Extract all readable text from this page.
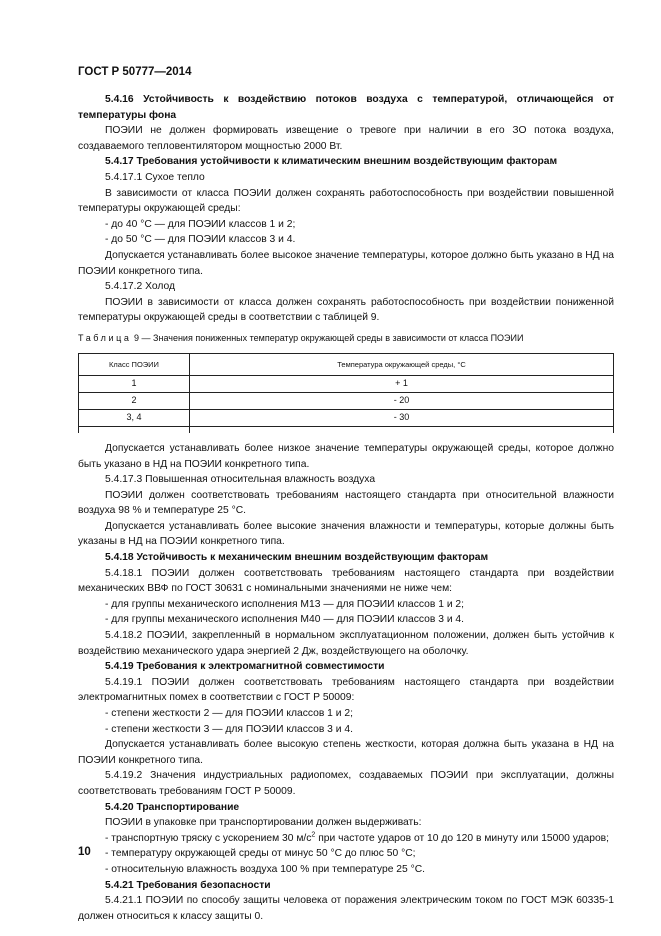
ГОСТ Р 50777—2014

5.4.16 Устойчивость к воздействию потоков воздуха с температурой, отличающейся от температуры фона

ПОЭИИ не должен формировать извещение о тревоге при наличии в его ЗО потока воздуха, создаваемого тепловентилятором мощностью 2000 Вт.

5.4.17 Требования устойчивости к климатическим внешним воздействующим факторам

5.4.17.1 Сухое тепло

В зависимости от класса ПОЭИИ должен сохранять работоспособность при воздействии повышенной температуры окружающей среды:

- до 40 °С — для ПОЭИИ классов 1 и 2;

- до 50 °С — для ПОЭИИ классов 3 и 4.

Допускается устанавливать более высокое значение температуры, которое должно быть указано в НД на ПОЭИИ конкретного типа.

5.4.17.2 Холод

ПОЭИИ в зависимости от класса должен сохранять работоспособность при воздействии пониженной температуры окружающей среды в соответствии с таблицей 9.

Таблица 9 — Значения пониженных температур окружающей среды в зависимости от класса ПОЭИИ
Класс ПОЭИИ	Температура окружающей среды, °С
1	+ 1
2	- 20
3, 4	- 30

Допускается устанавливать более низкое значение температуры окружающей среды, которое должно быть указано в НД на ПОЭИИ конкретного типа.

5.4.17.3 Повышенная относительная влажность воздуха

ПОЭИИ должен соответствовать требованиям настоящего стандарта при относительной влажности воздуха 98 % и температуре 25 °С.

Допускается устанавливать более высокие значения влажности и температуры, которые должны быть указаны в НД на ПОЭИИ конкретного типа.

5.4.18 Устойчивость к механическим внешним воздействующим факторам

5.4.18.1 ПОЭИИ должен соответствовать требованиям настоящего стандарта при воздействии механических ВВФ по ГОСТ 30631 с номинальными значениями не ниже чем:

- для группы механического исполнения М13 — для ПОЭИИ классов 1 и 2;

- для группы механического исполнения М40 — для ПОЭИИ классов 3 и 4.

5.4.18.2 ПОЭИИ, закрепленный в нормальном эксплуатационном положении, должен быть устойчив к воздействию механического удара энергией 2 Дж, воздействующего на оболочку.

5.4.19 Требования к электромагнитной совместимости

5.4.19.1 ПОЭИИ должен соответствовать требованиям настоящего стандарта при воздействии электромагнитных помех в соответствии с ГОСТ Р 50009:

- степени жесткости 2 — для ПОЭИИ классов 1 и 2;

- степени жесткости 3 — для ПОЭИИ классов 3 и 4.

Допускается устанавливать более высокую степень жесткости, которая должна быть указана в НД на ПОЭИИ конкретного типа.

5.4.19.2 Значения индустриальных радиопомех, создаваемых ПОЭИИ при эксплуатации, должны соответствовать требованиям ГОСТ Р 50009.

5.4.20 Транспортирование

ПОЭИИ в упаковке при транспортировании должен выдерживать:

- транспортную тряску с ускорением 30 $м/с^2$ при частоте ударов от 10 до 120 в минуту или 15000 ударов;

- температуру окружающей среды от минус 50 °С до плюс 50 °С;

- относительную влажность воздуха 100 % при температуре 25 °С.

5.4.21 Требования безопасности

5.4.21.1 ПОЭИИ по способу защиты человека от поражения электрическим током по ГОСТ МЭК 60335-1 должен относиться к классу защиты 0.

10
